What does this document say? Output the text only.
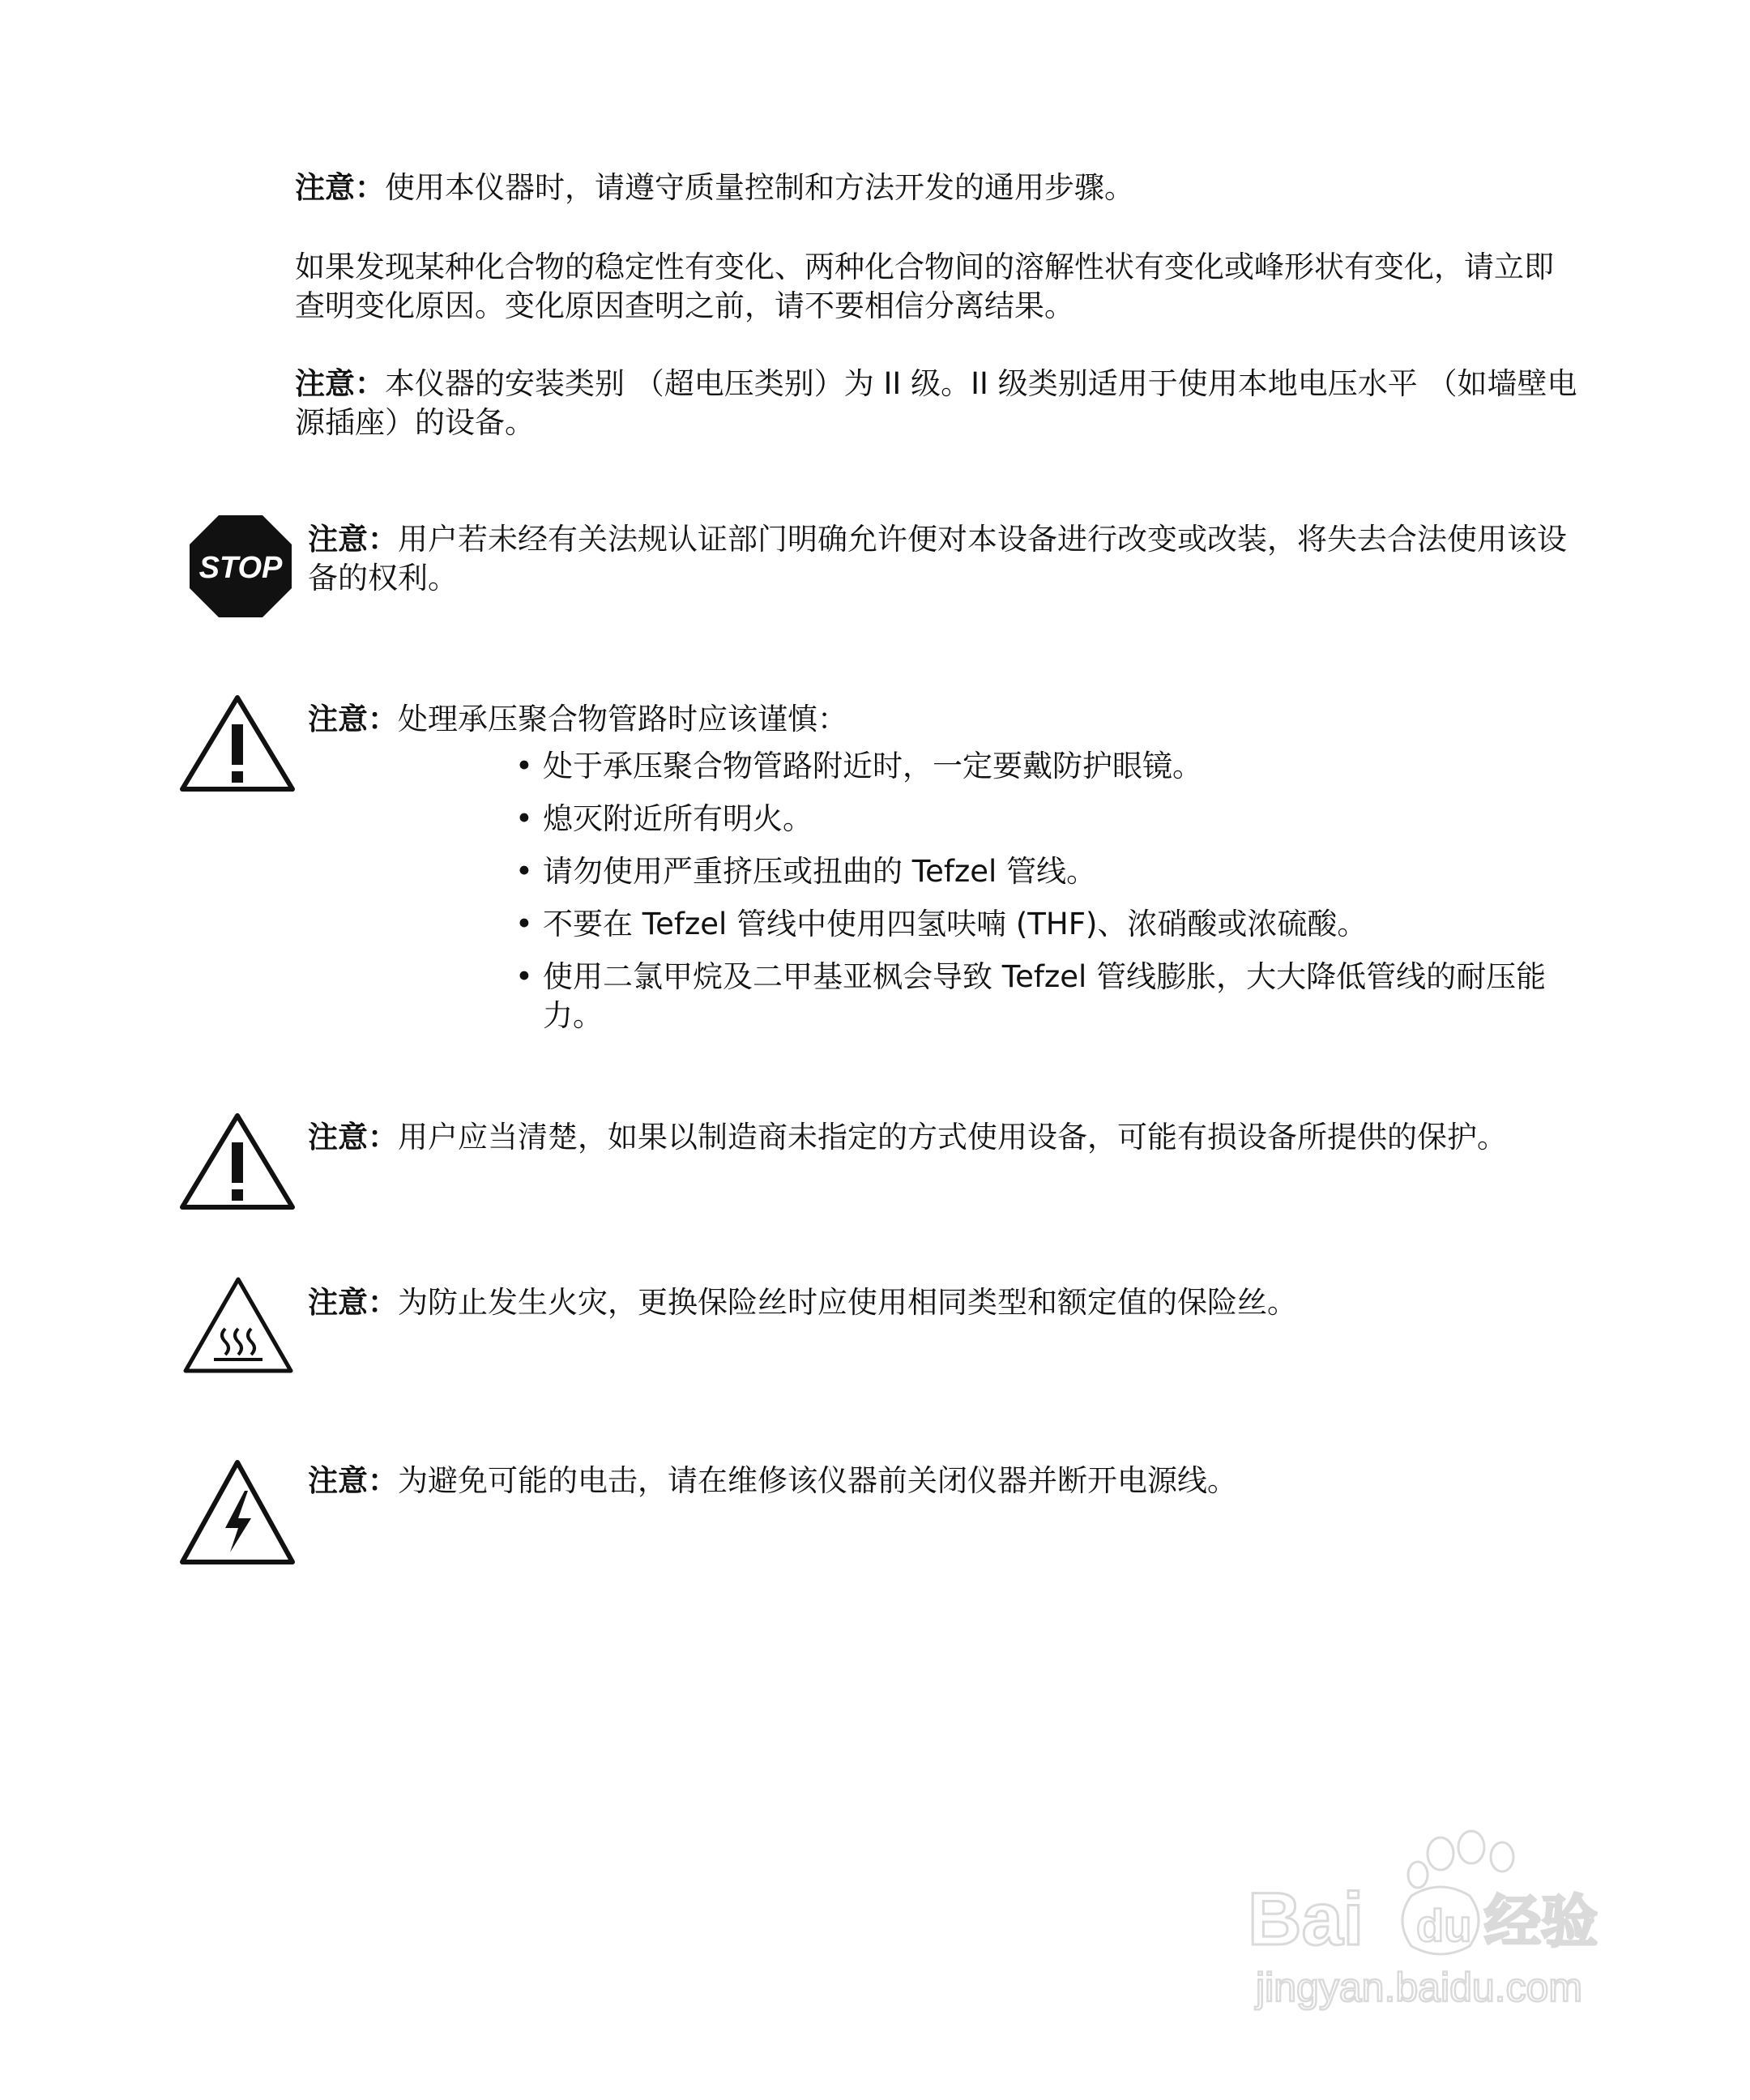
注意：使用本仪器时，请遵守质量控制和方法开发的通用步骤。

如果发现某种化合物的稳定性有变化、两种化合物间的溶解性状有变化或峰形状有变化，请立即查明变化原因。变化原因查明之前，请不要相信分离结果。

注意：本仪器的安装类别 （超电压类别）为 II 级。II 级类别适用于使用本地电压水平 （如墙壁电源插座）的设备。

STOP

注意：用户若未经有关法规认证部门明确允许便对本设备进行改变或改装，将失去合法使用该设备的权利。

注意：处理承压聚合物管路时应该谨慎：
• 处于承压聚合物管路附近时，一定要戴防护眼镜。
• 熄灭附近所有明火。
• 请勿使用严重挤压或扭曲的 Tefzel 管线。
• 不要在 Tefzel 管线中使用四氢呋喃 (THF)、浓硝酸或浓硫酸。
• 使用二氯甲烷及二甲基亚枫会导致 Tefzel 管线膨胀，大大降低管线的耐压能力。

注意：用户应当清楚，如果以制造商未指定的方式使用设备，可能有损设备所提供的保护。

注意：为防止发生火灾，更换保险丝时应使用相同类型和额定值的保险丝。

注意：为避免可能的电击，请在维修该仪器前关闭仪器并断开电源线。

Bai du 经验
jingyan.baidu.com
